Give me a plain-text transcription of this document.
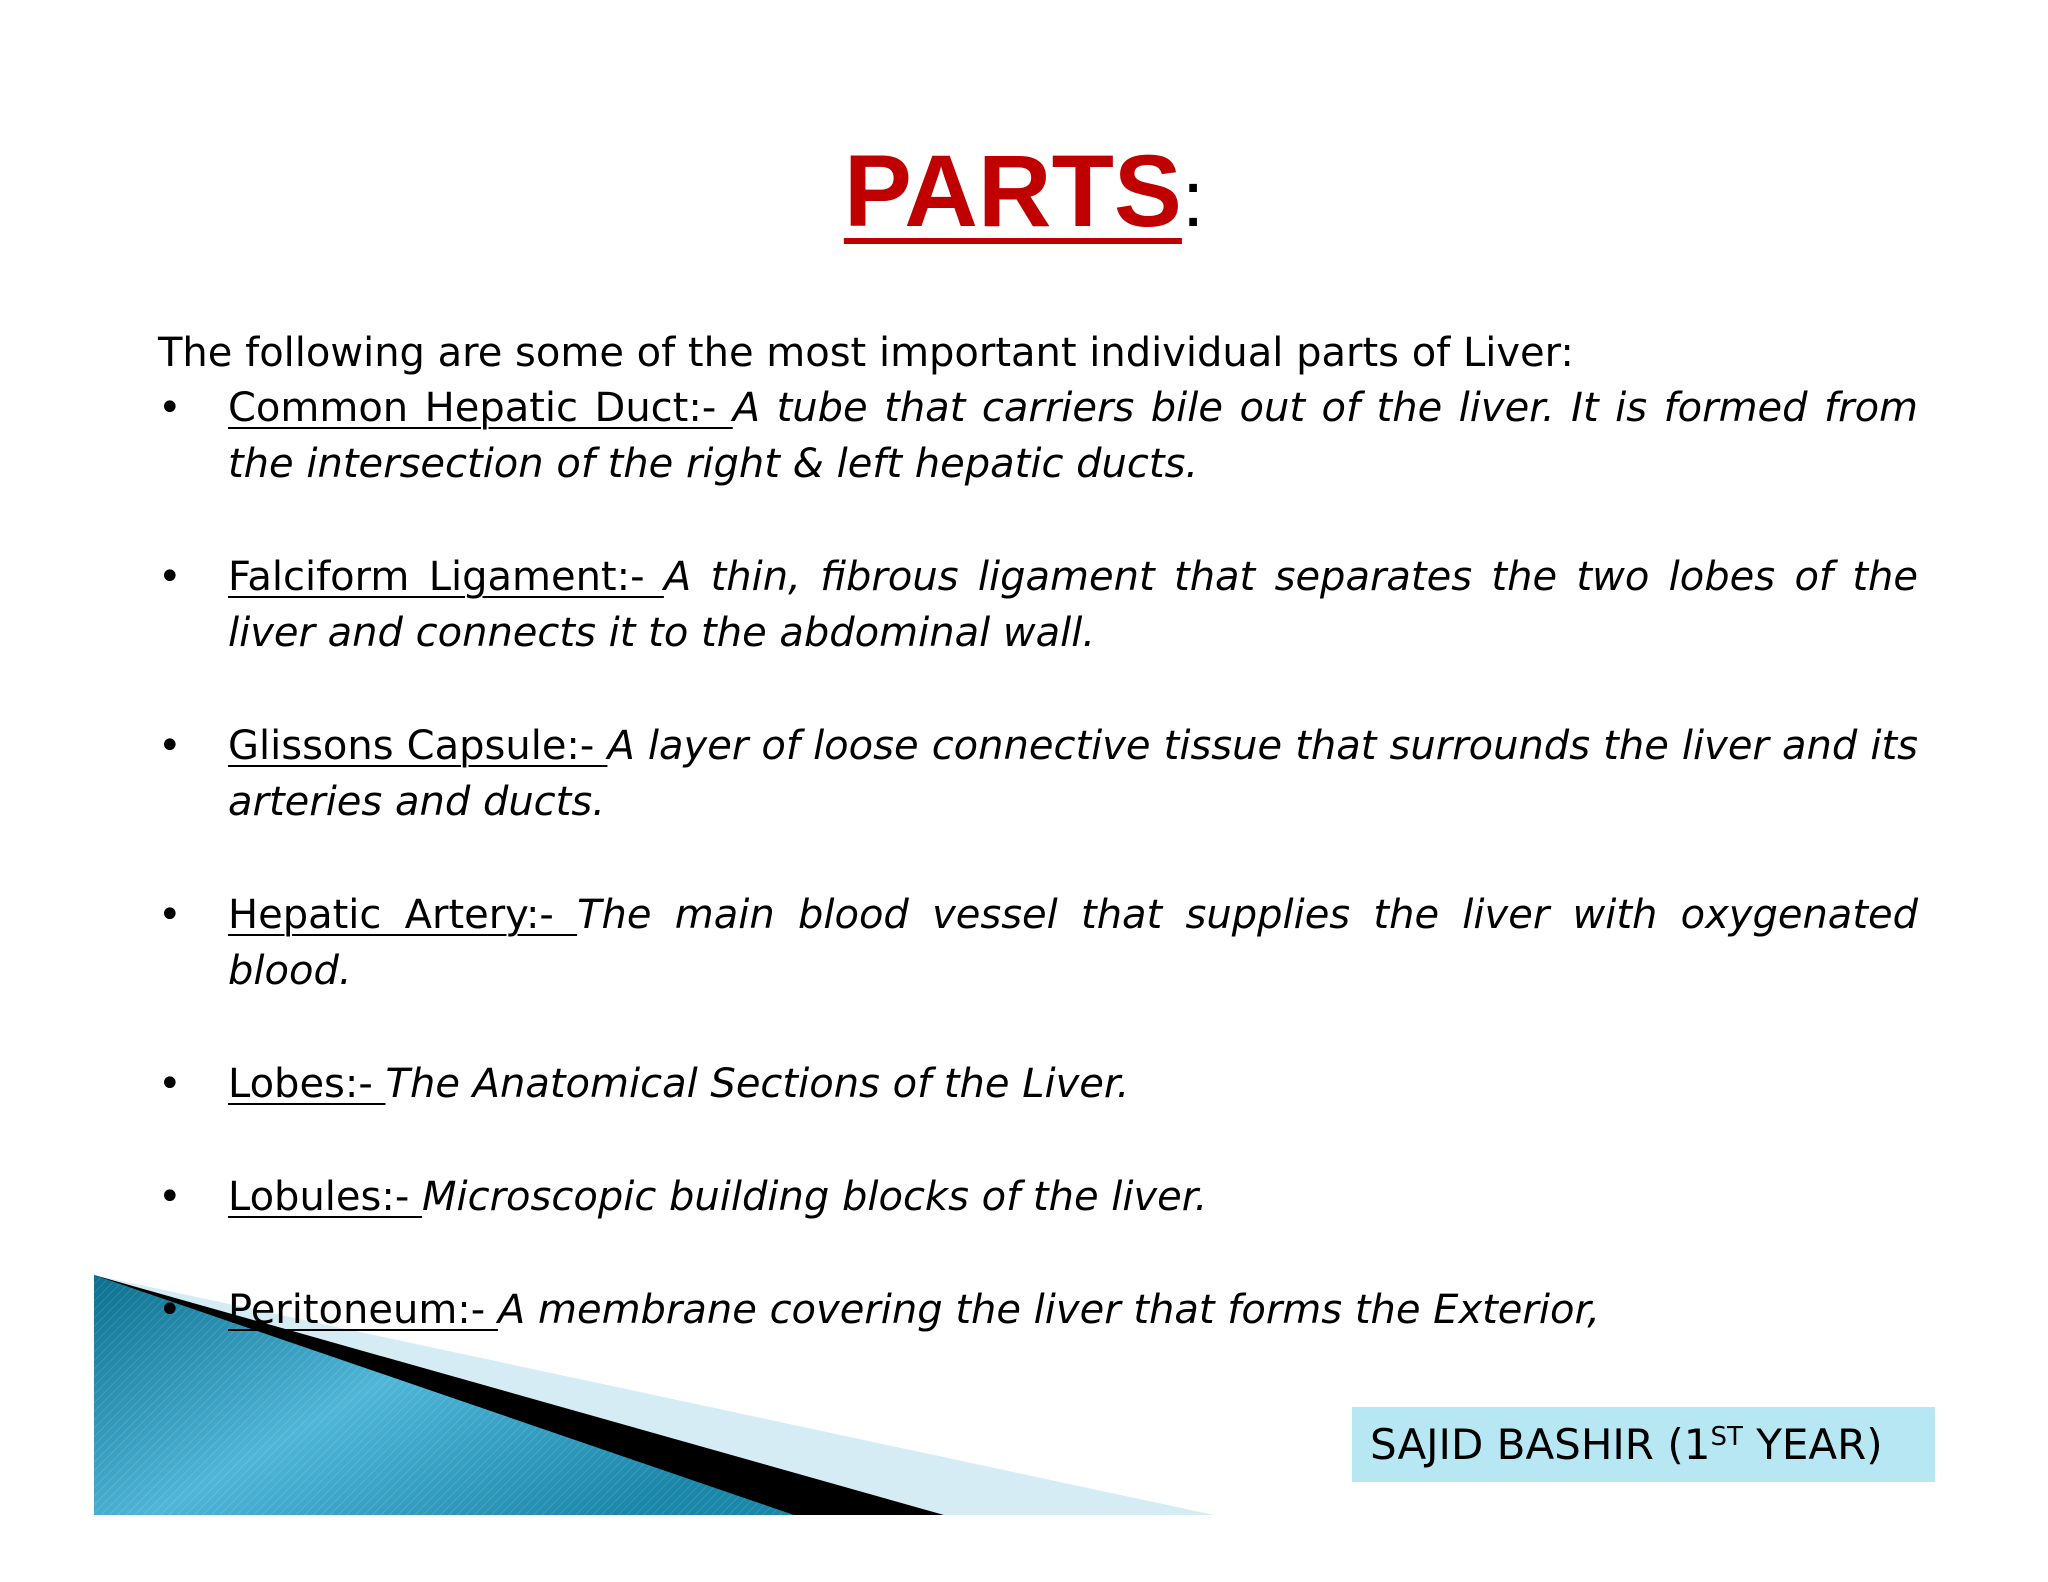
PARTS:
The following are some of the most important individual parts of Liver:
• Common Hepatic Duct:- A tube that carriers bile out of the liver. It is formed from the intersection of the right & left hepatic ducts.
• Falciform Ligament:- A thin, fibrous ligament that separates the two lobes of the liver and connects it to the abdominal wall.
• Glissons Capsule:- A layer of loose connective tissue that surrounds the liver and its arteries and ducts.
• Hepatic Artery:- The main blood vessel that supplies the liver with oxygenated blood.
• Lobes:- The Anatomical Sections of the Liver.
• Lobules:- Microscopic building blocks of the liver.
• Peritoneum:- A membrane covering the liver that forms the Exterior,
SAJID BASHIR (1ST YEAR)
